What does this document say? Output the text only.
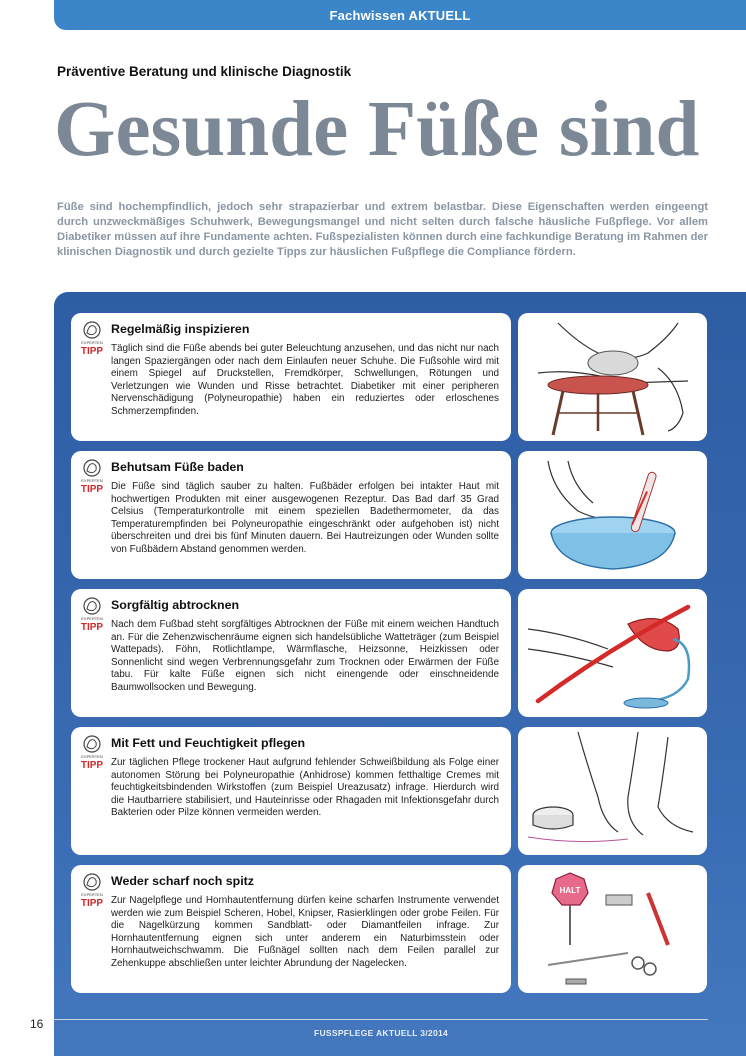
Fachwissen AKTUELL
Präventive Beratung und klinische Diagnostik
Gesunde Füße sind
Füße sind hochempfindlich, jedoch sehr strapazierbar und extrem belastbar. Diese Eigenschaften werden eingeengt durch unzweckmäßiges Schuhwerk, Bewegungsmangel und nicht selten durch falsche häusliche Fußpflege. Vor allem Diabetiker müssen auf ihre Fundamente achten. Fußspezialisten können durch eine fachkundige Beratung im Rahmen der klinischen Diagnostik und durch gezielte Tipps zur häuslichen Fußpflege die Compliance fördern.
EXPERTEN
TIPP
Regelmäßig inspizieren
Täglich sind die Füße abends bei guter Beleuchtung anzusehen, und das nicht nur nach langen Spaziergängen oder nach dem Einlaufen neuer Schuhe. Die Fußsohle wird mit einem Spiegel auf Druckstellen, Fremdkörper, Schwellungen, Rötungen und Verletzungen wie Wunden und Risse betrachtet. Diabetiker mit einer peripheren Nervenschädigung (Polyneuropathie) haben ein reduziertes oder erloschenes Schmerzempfinden.
EXPERTEN
TIPP
Behutsam Füße baden
Die Füße sind täglich sauber zu halten. Fußbäder erfolgen bei intakter Haut mit hochwertigen Produkten mit einer ausgewogenen Rezeptur. Das Bad darf 35 Grad Celsius (Temperaturkontrolle mit einem speziellen Badethermometer, da das Temperaturempfinden bei Polyneuropathie eingeschränkt oder aufgehoben ist) nicht überschreiten und drei bis fünf Minuten dauern. Bei Hautreizungen oder Wunden sollte von Fußbädern Abstand genommen werden.
EXPERTEN
TIPP
Sorgfältig abtrocknen
Nach dem Fußbad steht sorgfältiges Abtrocknen der Füße mit einem weichen Handtuch an. Für die Zehenzwischenräume eignen sich handelsübliche Watteträger (zum Beispiel Wattepads). Föhn, Rotlichtlampe, Wärmflasche, Heizsonne, Heizkissen oder Sonnenlicht sind wegen Verbrennungsgefahr zum Trocknen oder Erwärmen der Füße tabu. Für kalte Füße eignen sich nicht einengende oder einschneidende Baumwollsocken und Bewegung.
EXPERTEN
TIPP
Mit Fett und Feuchtigkeit pflegen
Zur täglichen Pflege trockener Haut aufgrund fehlender Schweißbildung als Folge einer autonomen Störung bei Polyneuropathie (Anhidrose) kommen fetthaltige Cremes mit feuchtigkeitsbindenden Wirkstoffen (zum Beispiel Ureazusatz) infrage. Hierdurch wird die Hautbarriere stabilisiert, und Hauteinrisse oder Rhagaden mit Infektionsgefahr durch Bakterien oder Pilze können vermeiden werden.
EXPERTEN
TIPP
Weder scharf noch spitz
Zur Nagelpflege und Hornhautentfernung dürfen keine scharfen Instrumente verwendet werden wie zum Beispiel Scheren, Hobel, Knipser, Rasierklingen oder grobe Feilen. Für die Nagelkürzung kommen Sandblatt- oder Diamantfeilen infrage. Zur Hornhautentfernung eignen sich unter anderem ein Naturbimsstein oder Hornhautweichschwamm. Die Fußnägel sollten nach dem Feilen parallel zur Zehenkuppe abschließen unter leichter Abrundung der Nagelecken.
HALT
16
FUSSPFLEGE AKTUELL 3/2014
